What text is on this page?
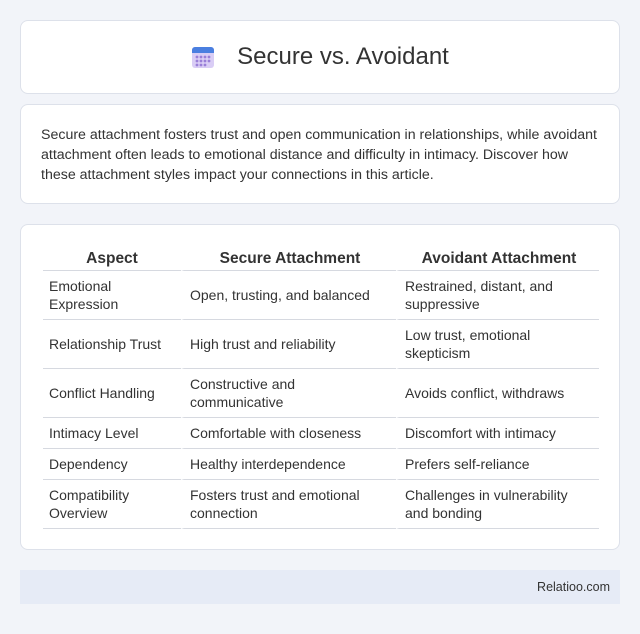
Secure vs. Avoidant

Secure attachment fosters trust and open communication in relationships, while avoidant attachment often leads to emotional distance and difficulty in intimacy. Discover how these attachment styles impact your connections in this article.

Aspect	Secure Attachment	Avoidant Attachment
Emotional Expression	Open, trusting, and balanced	Restrained, distant, and suppressive
Relationship Trust	High trust and reliability	Low trust, emotional skepticism
Conflict Handling	Constructive and communicative	Avoids conflict, withdraws
Intimacy Level	Comfortable with closeness	Discomfort with intimacy
Dependency	Healthy interdependence	Prefers self-reliance
Compatibility Overview	Fosters trust and emotional connection	Challenges in vulnerability and bonding
Relatioo.com
